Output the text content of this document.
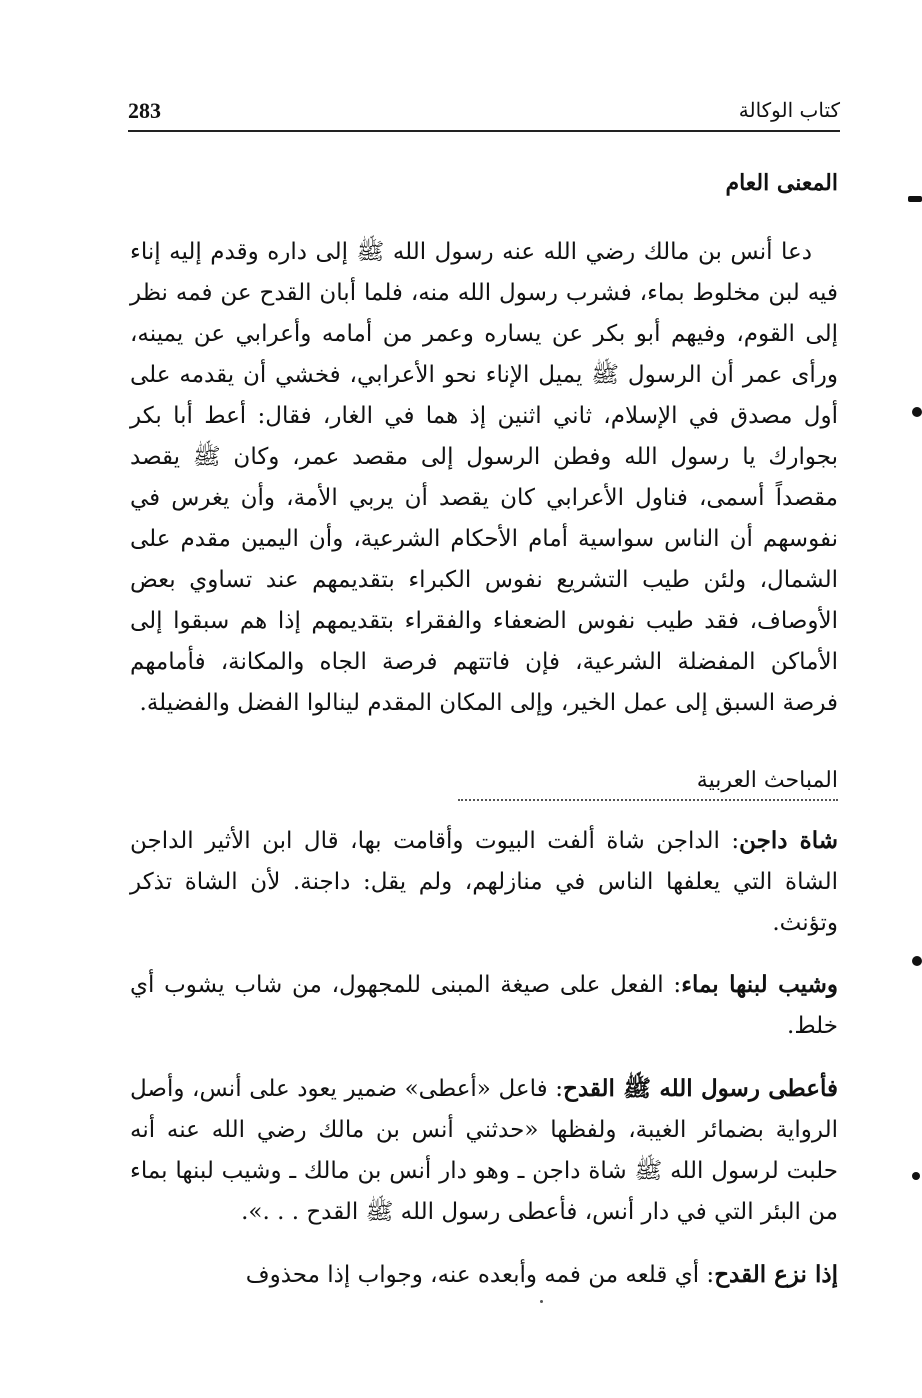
283	كتاب الوكالة
المعنى العام

دعا أنس بن مالك رضي الله عنه رسول الله ﷺ إلى داره وقدم إليه إناء فيه لبن مخلوط بماء، فشرب رسول الله منه، فلما أبان القدح عن فمه نظر إلى القوم، وفيهم أبو بكر عن يساره وعمر من أمامه وأعرابي عن يمينه، ورأى عمر أن الرسول ﷺ يميل الإناء نحو الأعرابي، فخشي أن يقدمه على أول مصدق في الإسلام، ثاني اثنين إذ هما في الغار، فقال: أعط أبا بكر بجوارك يا رسول الله وفطن الرسول إلى مقصد عمر، وكان ﷺ يقصد مقصداً أسمى، فناول الأعرابي كان يقصد أن يربي الأمة، وأن يغرس في نفوسهم أن الناس سواسية أمام الأحكام الشرعية، وأن اليمين مقدم على الشمال، ولئن طيب التشريع نفوس الكبراء بتقديمهم عند تساوي بعض الأوصاف، فقد طيب نفوس الضعفاء والفقراء بتقديمهم إذا هم سبقوا إلى الأماكن المفضلة الشرعية، فإن فاتتهم فرصة الجاه والمكانة، فأمامهم فرصة السبق إلى عمل الخير، وإلى المكان المقدم لينالوا الفضل والفضيلة.

المباحث العربية

شاة داجن: الداجن شاة ألفت البيوت وأقامت بها، قال ابن الأثير الداجن الشاة التي يعلفها الناس في منازلهم، ولم يقل: داجنة. لأن الشاة تذكر وتؤنث.

وشيب لبنها بماء: الفعل على صيغة المبنى للمجهول، من شاب يشوب أي خلط.

فأعطى رسول الله ﷺ القدح: فاعل «أعطى» ضمير يعود على أنس، وأصل الرواية بضمائر الغيبة، ولفظها «حدثني أنس بن مالك رضي الله عنه أنه حلبت لرسول الله ﷺ شاة داجن ـ وهو دار أنس بن مالك ـ وشيب لبنها بماء من البئر التي في دار أنس، فأعطى رسول الله ﷺ القدح . . .».

إذا نزع القدح: أي قلعه من فمه وأبعده عنه، وجواب إذا محذوف
